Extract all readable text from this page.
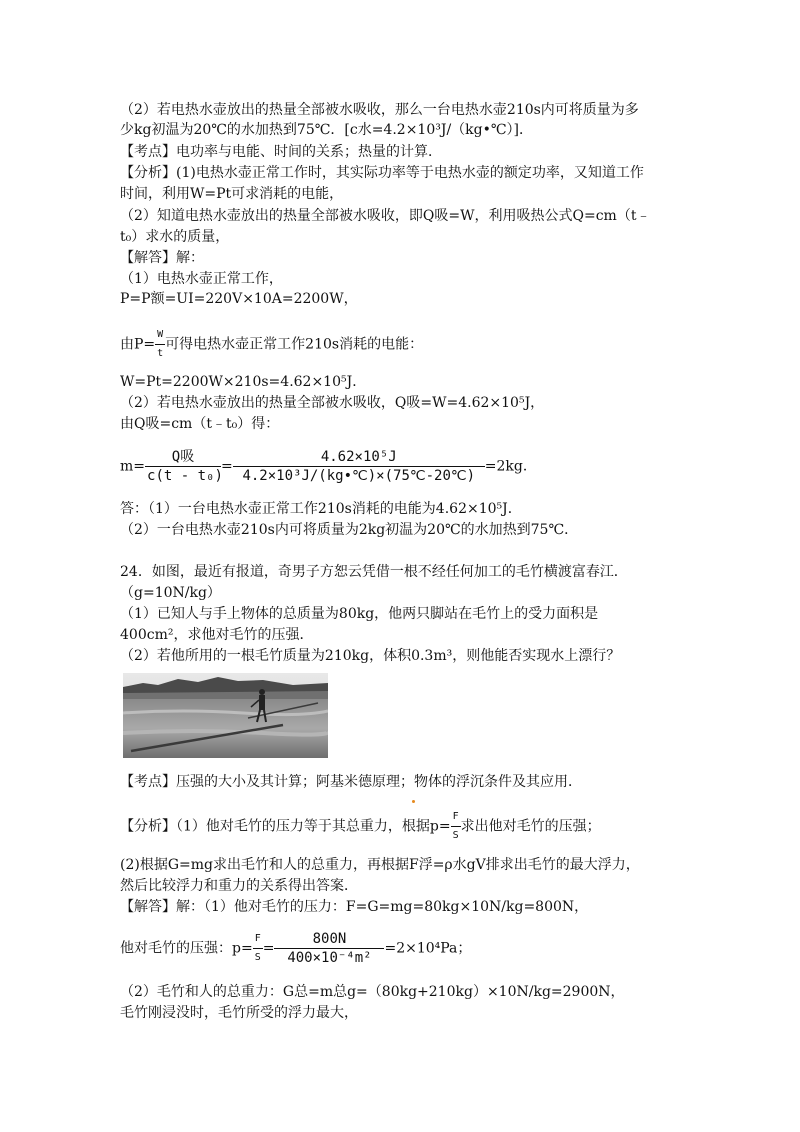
（2）若电热水壶放出的热量全部被水吸收，那么一台电热水壶210s内可将质量为多
少kg初温为20℃的水加热到75℃．[c水=4.2×10³J/（kg•℃）]．
【考点】电功率与电能、时间的关系；热量的计算．
【分析】(1)电热水壶正常工作时，其实际功率等于电热水壶的额定功率，又知道工作
时间，利用W=Pt可求消耗的电能，
（2）知道电热水壶放出的热量全部被水吸收，即Q吸=W，利用吸热公式Q=cm（t﹣
t₀）求水的质量，
【解答】解：
（1）电热水壶正常工作，
P=P额=UI=220V×10A=2200W，
由$P= \frac{W}{t}$ 可得电热水壶正常工作210s消耗的电能：
W=Pt=2200W×210s=4.62×10⁵J．
（2）若电热水壶放出的热量全部被水吸收，Q吸=W=4.62×10⁵J，
由Q吸=cm（t﹣t₀）得：
$m= \frac{\text{Q吸}}{\text{c(t - t₀)}} = \frac{\text{4.62×10⁵J}}{\text{4.2×10³J/(kg•℃)×(75℃-20℃)}} =2kg$．
答：（1）一台电热水壶正常工作210s消耗的电能为4.62×10⁵J．
（2）一台电热水壶210s内可将质量为2kg初温为20℃的水加热到75℃．
24．如图，最近有报道，奇男子方恕云凭借一根不经任何加工的毛竹横渡富春江．
（g=10N/kg）
（1）已知人与手上物体的总质量为80kg，他两只脚站在毛竹上的受力面积是
400cm²，求他对毛竹的压强．
（2）若他所用的一根毛竹质量为210kg，体积0.3m³，则他能否实现水上漂行？
【考点】压强的大小及其计算；阿基米德原理；物体的浮沉条件及其应用．
【分析】（1）他对毛竹的压力等于其总重力，根据$p= \frac{F}{S}$ 求出他对毛竹的压强；
(2)根据G=mg求出毛竹和人的总重力，再根据F浮=ρ水gV排求出毛竹的最大浮力，
然后比较浮力和重力的关系得出答案．
【解答】解：（1）他对毛竹的压力：F=G=mg=80kg×10N/kg=800N，
他对毛竹的压强：$p= \frac{F}{S} = \frac{800N}{\text{400×10⁻⁴m²}} =2\times 10^4Pa$；
（2）毛竹和人的总重力：G总=m总g=（80kg+210kg）×10N/kg=2900N，
毛竹刚浸没时，毛竹所受的浮力最大，
